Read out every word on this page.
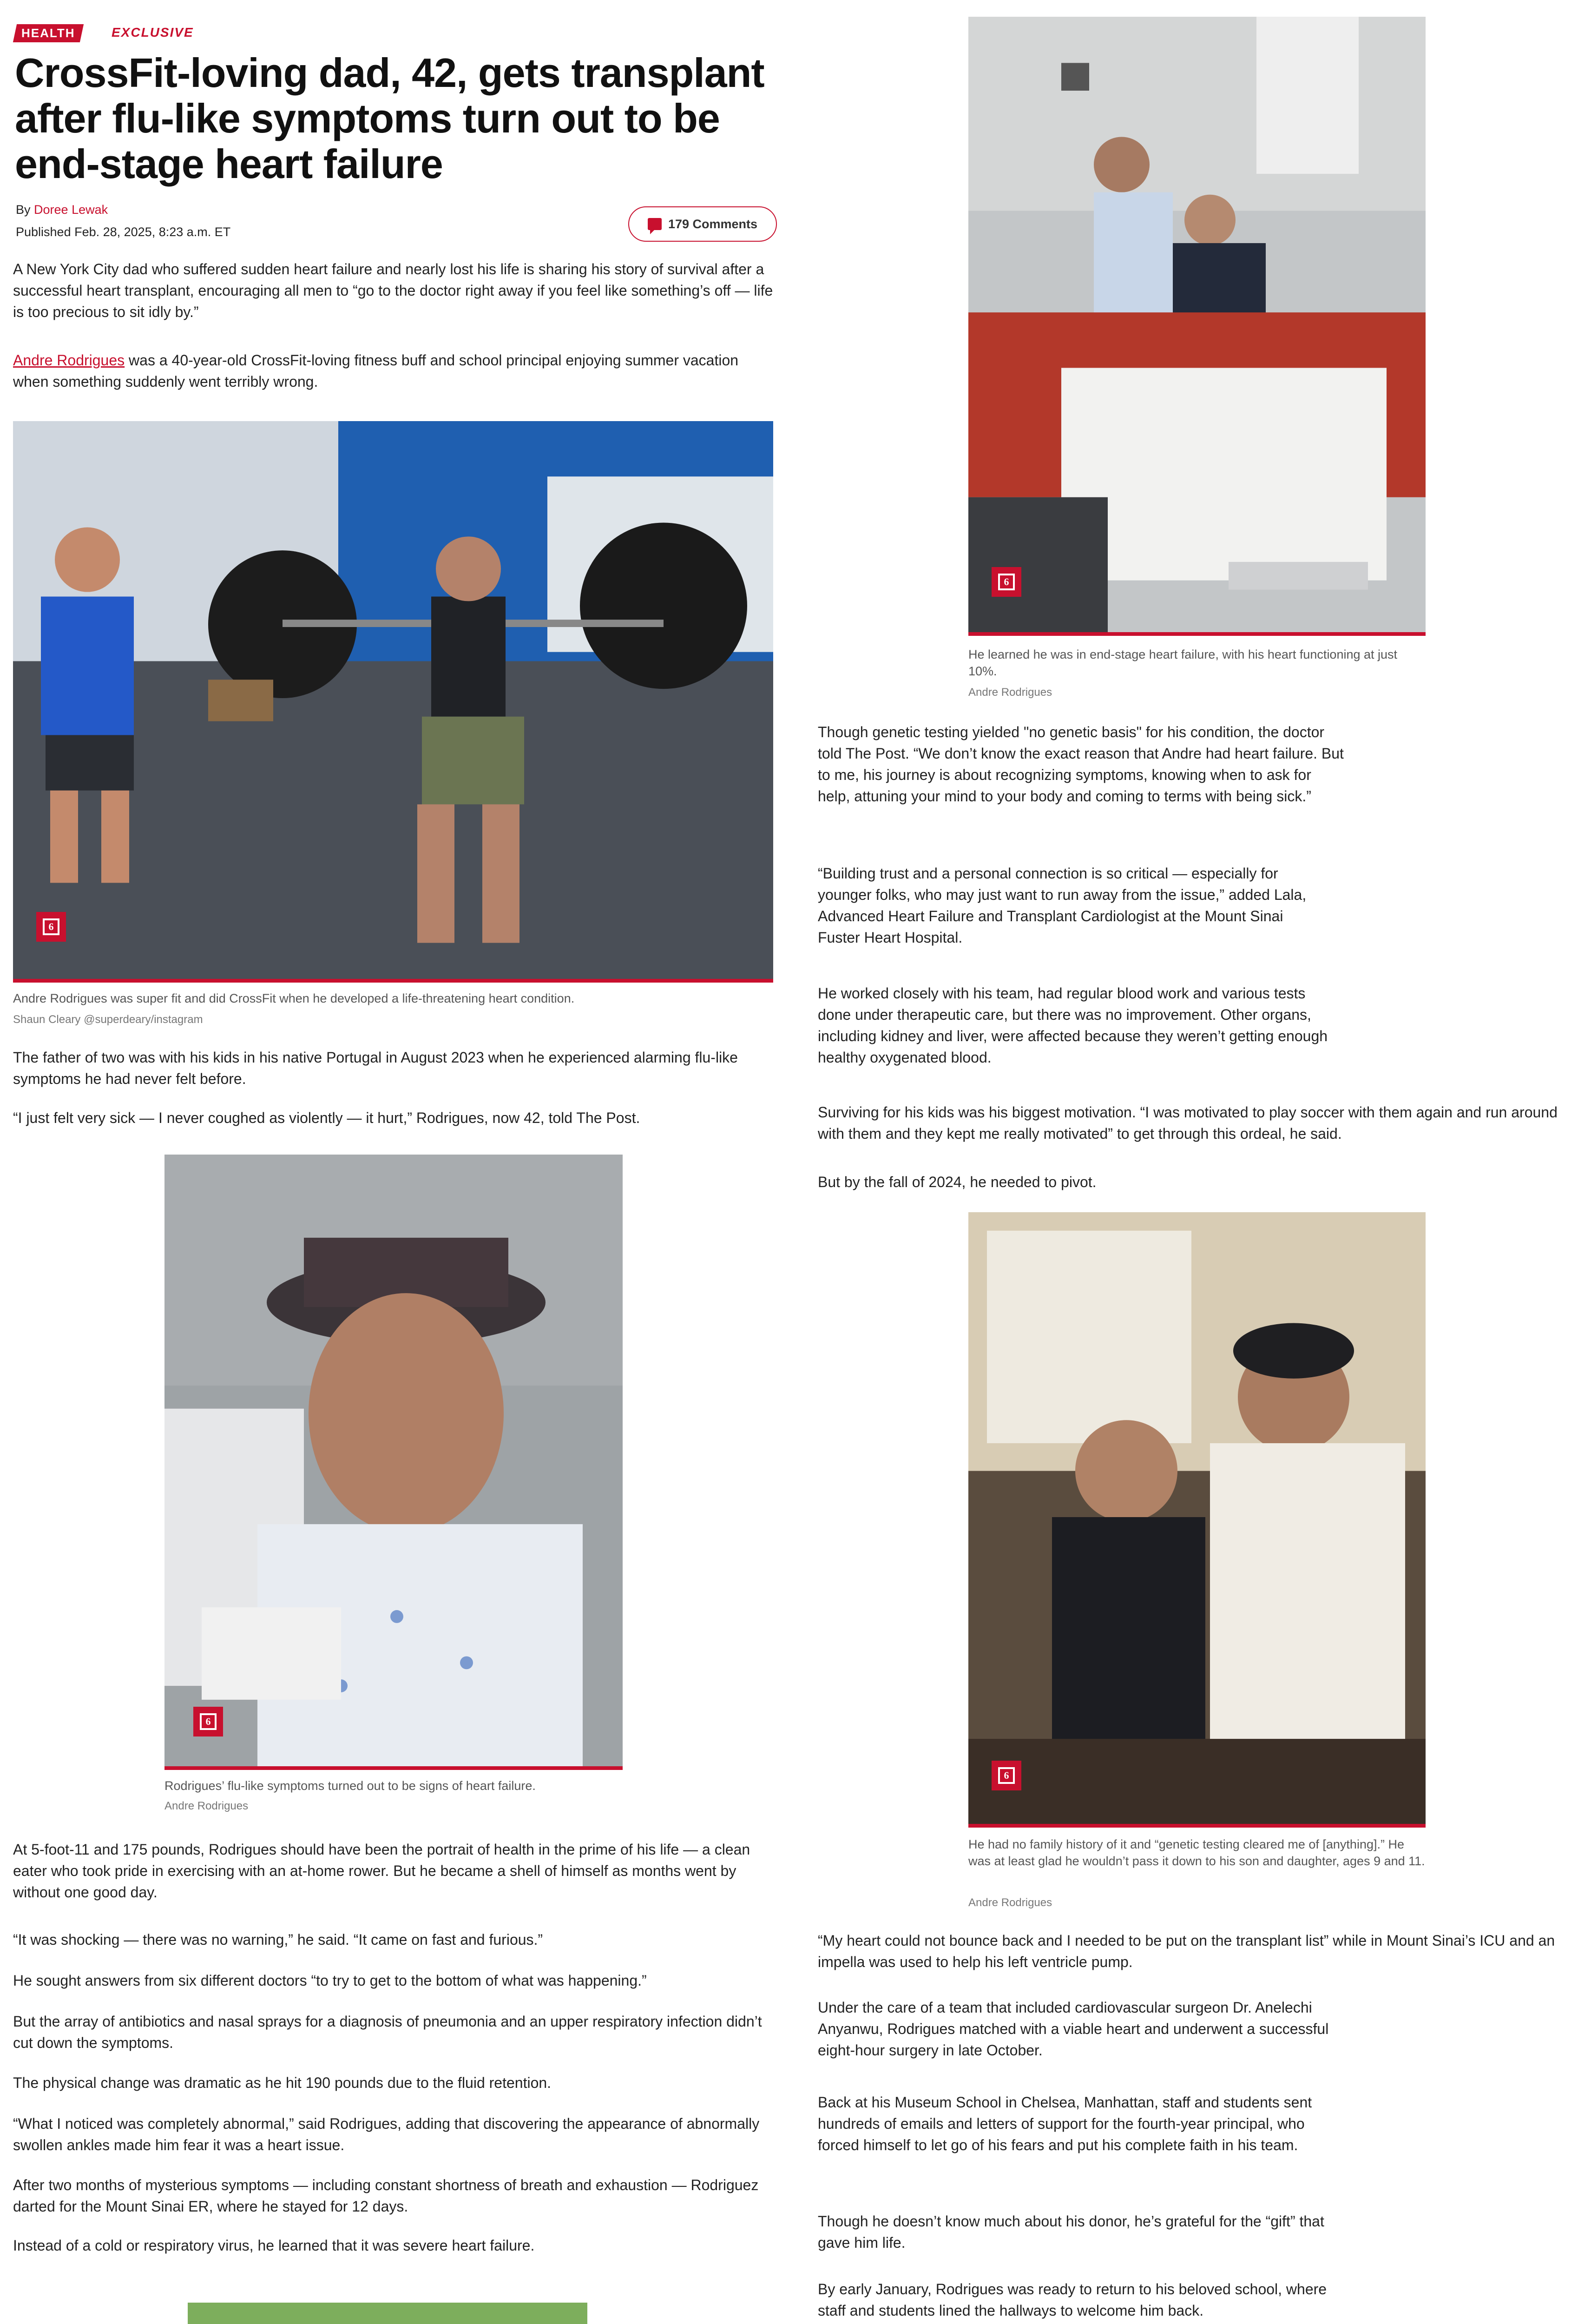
HEALTH	EXCLUSIVE
CrossFit-loving dad, 42, gets transplant after flu-like symptoms turn out to be end-stage heart failure
By Doree Lewak
Published Feb. 28, 2025, 8:23 a.m. ET
179 Comments

A New York City dad who suffered sudden heart failure and nearly lost his life is sharing his story of survival after a successful heart transplant, encouraging all men to “go to the doctor right away if you feel like something’s off — life is too precious to sit idly by.”

Andre Rodrigues was a 40-year-old CrossFit-loving fitness buff and school principal enjoying summer vacation when something suddenly went terribly wrong.

6
Andre Rodrigues was super fit and did CrossFit when he developed a life-threatening heart condition.
Shaun Cleary @superdeary/instagram

The father of two was with his kids in his native Portugal in August 2023 when he experienced alarming flu-like symptoms he had never felt before.

“I just felt very sick — I never coughed as violently — it hurt,” Rodrigues, now 42, told The Post.

6
Rodrigues’ flu-like symptoms turned out to be signs of heart failure.
Andre Rodrigues

At 5-foot-11 and 175 pounds, Rodrigues should have been the portrait of health in the prime of his life — a clean eater who took pride in exercising with an at-home rower. But he became a shell of himself as months went by without one good day.

“It was shocking — there was no warning,” he said. “It came on fast and furious.”

He sought answers from six different doctors “to try to get to the bottom of what was happening.”

But the array of antibiotics and nasal sprays for a diagnosis of pneumonia and an upper respiratory infection didn’t cut down the symptoms.

The physical change was dramatic as he hit 190 pounds due to the fluid retention.

“What I noticed was completely abnormal,” said Rodrigues, adding that discovering the appearance of abnormally swollen ankles made him fear it was a heart issue.

After two months of mysterious symptoms — including constant shortness of breath and exhaustion — Rodriguez darted for the Mount Sinai ER, where he stayed for 12 days.

Instead of a cold or respiratory virus, he learned that it was severe heart failure.

6
He learned he was in end-stage heart failure, with his heart functioning at just 10%.
Andre Rodrigues

Though genetic testing yielded "no genetic basis" for his condition, the doctor told The Post. “We don’t know the exact reason that Andre had heart failure. But to me, his journey is about recognizing symptoms, knowing when to ask for help, attuning your mind to your body and coming to terms with being sick.”

“Building trust and a personal connection is so critical — especially for younger folks, who may just want to run away from the issue,” added Lala, Advanced Heart Failure and Transplant Cardiologist at the Mount Sinai Fuster Heart Hospital.

He worked closely with his team, had regular blood work and various tests done under therapeutic care, but there was no improvement. Other organs, including kidney and liver, were affected because they weren’t getting enough healthy oxygenated blood.

Surviving for his kids was his biggest motivation. “I was motivated to play soccer with them again and run around with them and they kept me really motivated” to get through this ordeal, he said.

But by the fall of 2024, he needed to pivot.

6
He had no family history of it and “genetic testing cleared me of [anything].” He was at least glad he wouldn’t pass it down to his son and daughter, ages 9 and 11.
Andre Rodrigues

“My heart could not bounce back and I needed to be put on the transplant list” while in Mount Sinai’s ICU and an impella was used to help his left ventricle pump.

Under the care of a team that included cardiovascular surgeon Dr. Anelechi Anyanwu, Rodrigues matched with a viable heart and underwent a successful eight-hour surgery in late October.

Back at his Museum School in Chelsea, Manhattan, staff and students sent hundreds of emails and letters of support for the fourth-year principal, who forced himself to let go of his fears and put his complete faith in his team.

Though he doesn’t know much about his donor, he’s grateful for the “gift” that gave him life.

By early January, Rodrigues was ready to return to his beloved school, where staff and students lined the hallways to welcome him back.
